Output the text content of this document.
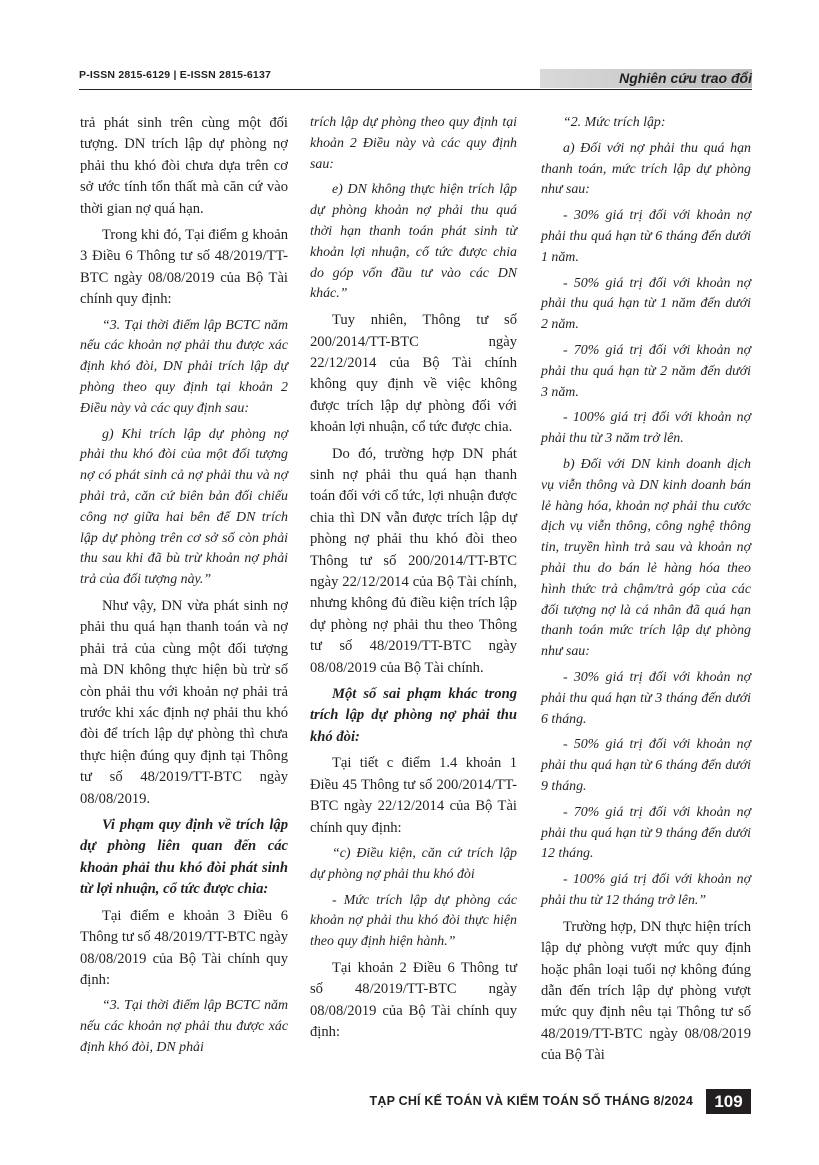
P-ISSN 2815-6129 | E-ISSN 2815-6137	Nghiên cứu trao đổi

trả phát sinh trên cùng một đối tượng. DN trích lập dự phòng nợ phải thu khó đòi chưa dựa trên cơ sở ước tính tổn thất mà căn cứ vào thời gian nợ quá hạn.

Trong khi đó, Tại điểm g khoản 3 Điều 6 Thông tư số 48/2019/TT-BTC ngày 08/08/2019 của Bộ Tài chính quy định:

“3. Tại thời điểm lập BCTC năm nếu các khoản nợ phải thu được xác định khó đòi, DN phải trích lập dự phòng theo quy định tại khoản 2 Điều này và các quy định sau:

g) Khi trích lập dự phòng nợ phải thu khó đòi của một đối tượng nợ có phát sinh cả nợ phải thu và nợ phải trả, căn cứ biên bản đối chiếu công nợ giữa hai bên để DN trích lập dự phòng trên cơ sở số còn phải thu sau khi đã bù trừ khoản nợ phải trả của đối tượng này.”

Như vậy, DN vừa phát sinh nợ phải thu quá hạn thanh toán và nợ phải trả của cùng một đối tượng mà DN không thực hiện bù trừ số còn phải thu với khoản nợ phải trả trước khi xác định nợ phải thu khó đòi để trích lập dự phòng thì chưa thực hiện đúng quy định tại Thông tư số 48/2019/TT-BTC ngày 08/08/2019.

Vi phạm quy định về trích lập dự phòng liên quan đến các khoản phải thu khó đòi phát sinh từ lợi nhuận, cổ tức được chia:

Tại điểm e khoản 3 Điều 6 Thông tư số 48/2019/TT-BTC ngày 08/08/2019 của Bộ Tài chính quy định:

“3. Tại thời điểm lập BCTC năm nếu các khoản nợ phải thu được xác định khó đòi, DN phải

trích lập dự phòng theo quy định tại khoản 2 Điều này và các quy định sau:

e) DN không thực hiện trích lập dự phòng khoản nợ phải thu quá thời hạn thanh toán phát sinh từ khoản lợi nhuận, cổ tức được chia do góp vốn đầu tư vào các DN khác.”

Tuy nhiên, Thông tư số 200/2014/TT-BTC ngày 22/12/2014 của Bộ Tài chính không quy định về việc không được trích lập dự phòng đối với khoản lợi nhuận, cổ tức được chia.

Do đó, trường hợp DN phát sinh nợ phải thu quá hạn thanh toán đối với cổ tức, lợi nhuận được chia thì DN vẫn được trích lập dự phòng nợ phải thu khó đòi theo Thông tư số 200/2014/TT-BTC ngày 22/12/2014 của Bộ Tài chính, nhưng không đủ điều kiện trích lập dự phòng nợ phải thu theo Thông tư số 48/2019/TT-BTC ngày 08/08/2019 của Bộ Tài chính.

Một số sai phạm khác trong trích lập dự phòng nợ phải thu khó đòi:

Tại tiết c điểm 1.4 khoản 1 Điều 45 Thông tư số 200/2014/TT-BTC ngày 22/12/2014 của Bộ Tài chính quy định:

“c) Điều kiện, căn cứ trích lập dự phòng nợ phải thu khó đòi

- Mức trích lập dự phòng các khoản nợ phải thu khó đòi thực hiện theo quy định hiện hành.”

Tại khoản 2 Điều 6 Thông tư số 48/2019/TT-BTC ngày 08/08/2019 của Bộ Tài chính quy định:

“2. Mức trích lập:

a) Đối với nợ phải thu quá hạn thanh toán, mức trích lập dự phòng như sau:

- 30% giá trị đối với khoản nợ phải thu quá hạn từ 6 tháng đến dưới 1 năm.

- 50% giá trị đối với khoản nợ phải thu quá hạn từ 1 năm đến dưới 2 năm.

- 70% giá trị đối với khoản nợ phải thu quá hạn từ 2 năm đến dưới 3 năm.

- 100% giá trị đối với khoản nợ phải thu từ 3 năm trở lên.

b) Đối với DN kinh doanh dịch vụ viễn thông và DN kinh doanh bán lẻ hàng hóa, khoản nợ phải thu cước dịch vụ viễn thông, công nghệ thông tin, truyền hình trả sau và khoản nợ phải thu do bán lẻ hàng hóa theo hình thức trả chậm/trả góp của các đối tượng nợ là cá nhân đã quá hạn thanh toán mức trích lập dự phòng như sau:

- 30% giá trị đối với khoản nợ phải thu quá hạn từ 3 tháng đến dưới 6 tháng.

- 50% giá trị đối với khoản nợ phải thu quá hạn từ 6 tháng đến dưới 9 tháng.

- 70% giá trị đối với khoản nợ phải thu quá hạn từ 9 tháng đến dưới 12 tháng.

- 100% giá trị đối với khoản nợ phải thu từ 12 tháng trở lên.”

Trường hợp, DN thực hiện trích lập dự phòng vượt mức quy định hoặc phân loại tuổi nợ không đúng dẫn đến trích lập dự phòng vượt mức quy định nêu tại Thông tư số 48/2019/TT-BTC ngày 08/08/2019 của Bộ Tài

TẠP CHÍ KẾ TOÁN VÀ KIỂM TOÁN SỐ THÁNG 8/2024	109
